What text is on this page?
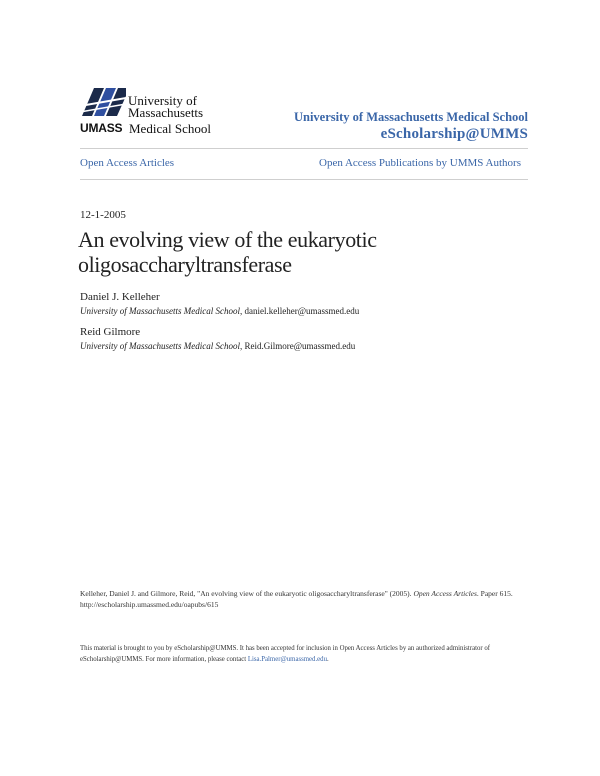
University of
Massachusetts
UMASS Medical School
University of Massachusetts Medical School
eScholarship@UMMS
Open Access Articles	Open Access Publications by UMMS Authors
12-1-2005
An evolving view of the eukaryotic
oligosaccharyltransferase
Daniel J. Kelleher
University of Massachusetts Medical School, daniel.kelleher@umassmed.edu
Reid Gilmore
University of Massachusetts Medical School, Reid.Gilmore@umassmed.edu
Kelleher, Daniel J. and Gilmore, Reid, "An evolving view of the eukaryotic oligosaccharyltransferase" (2005). Open Access Articles. Paper 615.
http://escholarship.umassmed.edu/oapubs/615
This material is brought to you by eScholarship@UMMS. It has been accepted for inclusion in Open Access Articles by an authorized administrator of eScholarship@UMMS. For more information, please contact Lisa.Palmer@umassmed.edu.
